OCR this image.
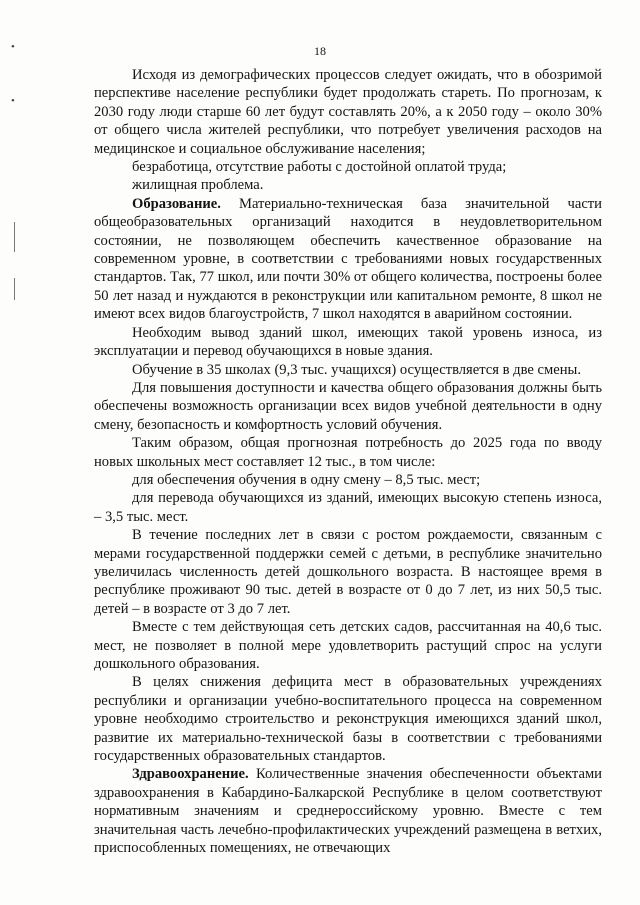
18
•
•

Исходя из демографических процессов следует ожидать, что в обозримой перспективе население республики будет продолжать стареть. По прогнозам, к 2030 году люди старше 60 лет будут составлять 20%, а к 2050 году – около 30% от общего числа жителей республики, что потребует увеличения расходов на медицинское и социальное обслуживание населения;

безработица, отсутствие работы с достойной оплатой труда;

жилищная проблема.

Образование. Материально-техническая база значительной части общеобразовательных организаций находится в неудовлетворительном состоянии, не позволяющем обеспечить качественное образование на современном уровне, в соответствии с требованиями новых государственных стандартов. Так, 77 школ, или почти 30% от общего количества, построены более 50 лет назад и нуждаются в реконструкции или капитальном ремонте, 8 школ не имеют всех видов благоустройств, 7 школ находятся в аварийном состоянии.

Необходим вывод зданий школ, имеющих такой уровень износа, из эксплуатации и перевод обучающихся в новые здания.

Обучение в 35 школах (9,3 тыс. учащихся) осуществляется в две смены.

Для повышения доступности и качества общего образования должны быть обеспечены возможность организации всех видов учебной деятельности в одну смену, безопасность и комфортность условий обучения.

Таким образом, общая прогнозная потребность до 2025 года по вводу новых школьных мест составляет 12 тыс., в том числе:

для обеспечения обучения в одну смену – 8,5 тыс. мест;

для перевода обучающихся из зданий, имеющих высокую степень износа, – 3,5 тыс. мест.

В течение последних лет в связи с ростом рождаемости, связанным с мерами государственной поддержки семей с детьми, в республике значительно увеличилась численность детей дошкольного возраста. В настоящее время в республике проживают 90 тыс. детей в возрасте от 0 до 7 лет, из них 50,5 тыс. детей – в возрасте от 3 до 7 лет.

Вместе с тем действующая сеть детских садов, рассчитанная на 40,6 тыс. мест, не позволяет в полной мере удовлетворить растущий спрос на услуги дошкольного образования.

В целях снижения дефицита мест в образовательных учреждениях республики и организации учебно-воспитательного процесса на современном уровне необходимо строительство и реконструкция имеющихся зданий школ, развитие их материально-технической базы в соответствии с требованиями государственных образовательных стандартов.

Здравоохранение. Количественные значения обеспеченности объектами здравоохранения в Кабардино-Балкарской Республике в целом соответствуют нормативным значениям и среднероссийскому уровню. Вместе с тем значительная часть лечебно-профилактических учреждений размещена в ветхих, приспособленных помещениях, не отвечающих
